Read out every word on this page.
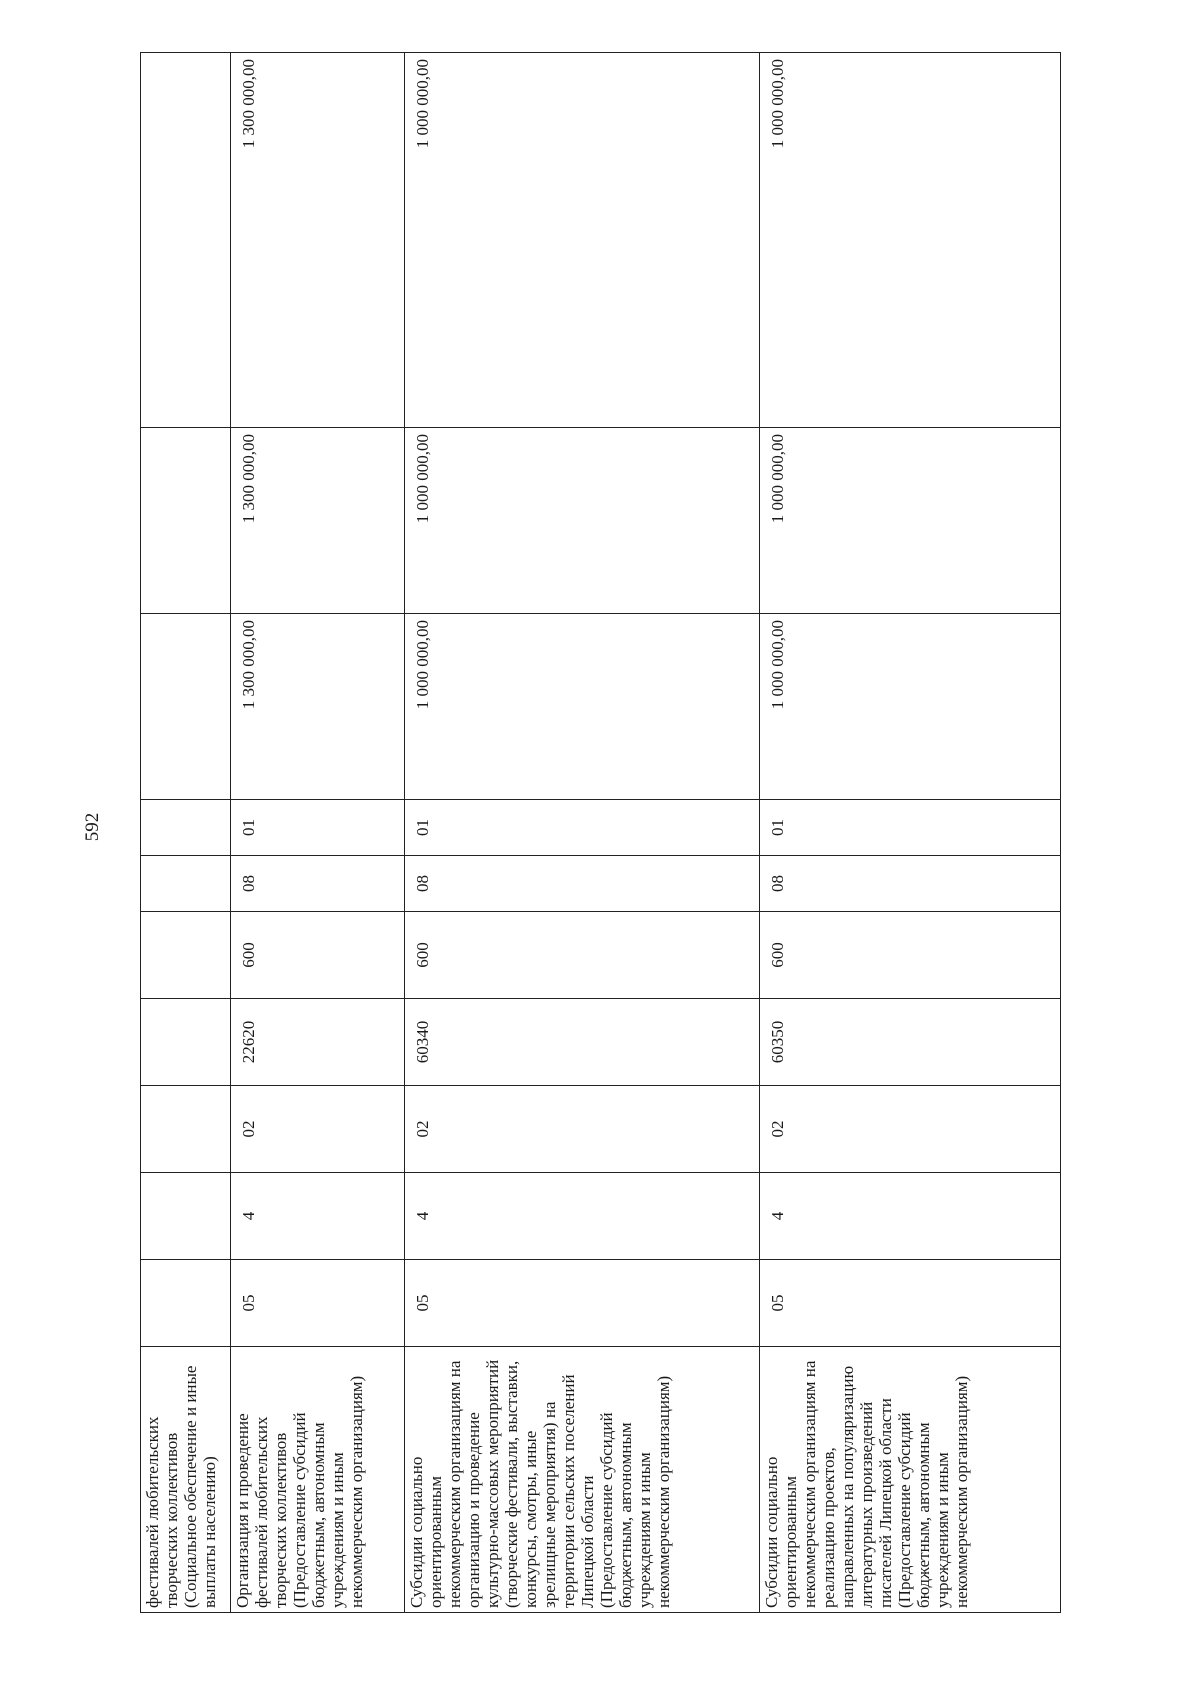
592
фестивалей любительских творческих коллективов (Социальное обеспечение и иные выплаты населению)										
Организация и проведение фестивалей любительских творческих коллективов (Предоставление субсидий бюджетным, автономным учреждениям и иным некоммерческим организациям)	05	4	02	22620	600	08	01	1 300 000,00	1 300 000,00	1 300 000,00
Субсидии социально ориентированным некоммерческим организациям на организацию и проведение культурно-массовых мероприятий (творческие фестивали, выставки, конкурсы, смотры, иные зрелищные мероприятия) на территории сельских поселений Липецкой области (Предоставление субсидий бюджетным, автономным учреждениям и иным некоммерческим организациям)	05	4	02	60340	600	08	01	1 000 000,00	1 000 000,00	1 000 000,00
Субсидии социально ориентированным некоммерческим организациям на реализацию проектов, направленных на популяризацию литературных произведений писателей Липецкой области (Предоставление субсидий бюджетным, автономным учреждениям и иным некоммерческим организациям)	05	4	02	60350	600	08	01	1 000 000,00	1 000 000,00	1 000 000,00
